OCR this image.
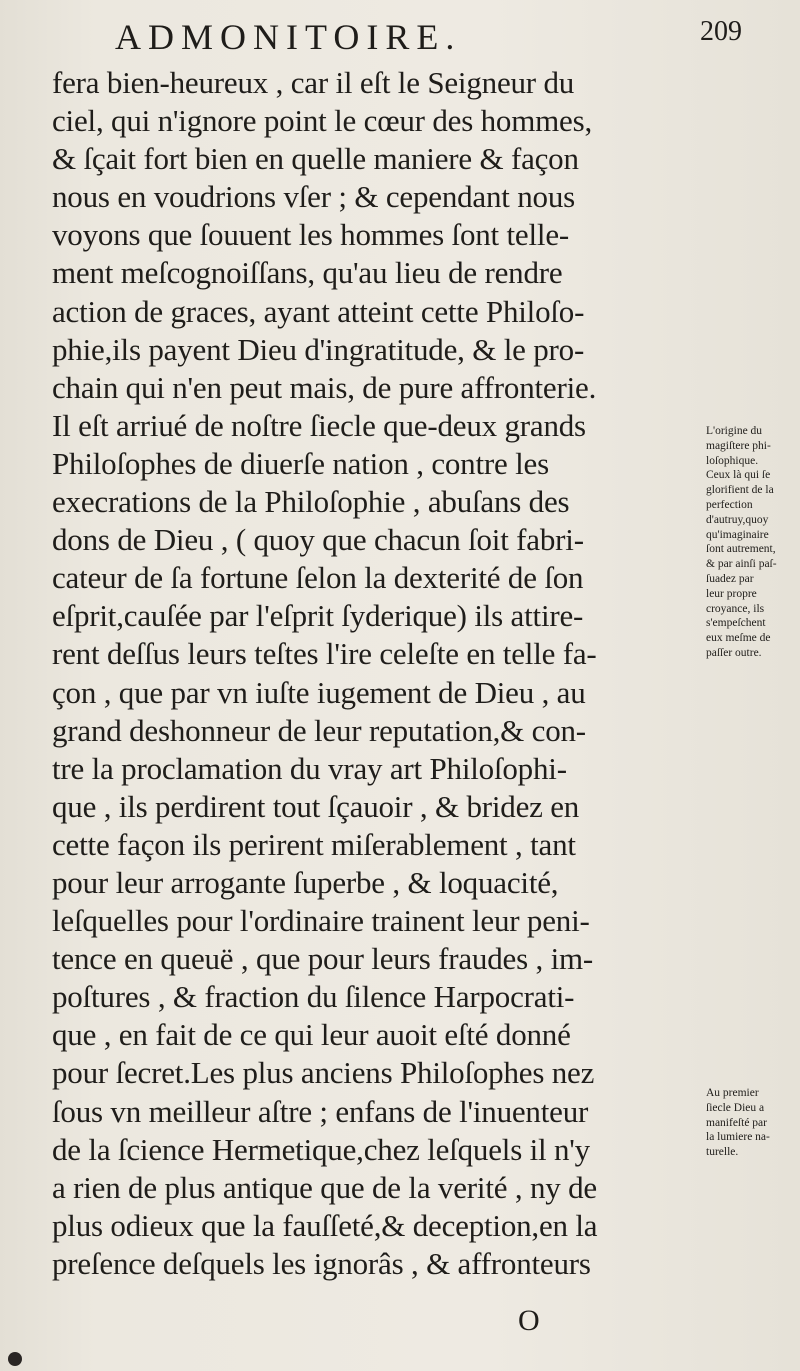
ADMONITOIRE.	209
fera bien-heureux , car il eſt le Seigneur du
ciel, qui n'ignore point le cœur des hommes,
& ſçait fort bien en quelle maniere & façon
nous en voudrions vſer ; & cependant nous
voyons que ſouuent les hommes ſont telle-
ment meſcognoiſſans, qu'au lieu de rendre
action de graces, ayant atteint cette Philoſo-
phie,ils payent Dieu d'ingratitude, & le pro-
chain qui n'en peut mais, de pure affronterie.
Il eſt arriué de noſtre ſiecle que-deux grands
Philoſophes de diuerſe nation , contre les
execrations de la Philoſophie , abuſans des
dons de Dieu , ( quoy que chacun ſoit fabri-
cateur de ſa fortune ſelon la dexterité de ſon
eſprit,cauſée par l'eſprit ſyderique) ils attire-
rent deſſus leurs teſtes l'ire celeſte en telle fa-
çon , que par vn iuſte iugement de Dieu , au
grand deshonneur de leur reputation,& con-
tre la proclamation du vray art Philoſophi-
que , ils perdirent tout ſçauoir , & bridez en
cette façon ils perirent miſerablement , tant
pour leur arrogante ſuperbe , & loquacité,
leſquelles pour l'ordinaire trainent leur peni-
tence en queuë , que pour leurs fraudes , im-
poſtures , & fraction du ſilence Harpocrati-
que , en fait de ce qui leur auoit eſté donné
pour ſecret.Les plus anciens Philoſophes nez
ſous vn meilleur aſtre ; enfans de l'inuenteur
de la ſcience Hermetique,chez leſquels il n'y
a rien de plus antique que de la verité , ny de
plus odieux que la fauſſeté,& deception,en la
preſence deſquels les ignorâs , & affronteurs
L'origine du
magiſtere phi-
loſophique.
Ceux là qui ſe
glorifient de la
perfection
d'autruy,quoy
qu'imaginaire
ſont autrement,
& par ainſi paſ-
ſuadez par
leur propre
croyance, ils
s'empeſchent
eux meſme de
paſſer outre.
Au premier
ſiecle Dieu a
manifeſté par
la lumiere na-
turelle.
O
